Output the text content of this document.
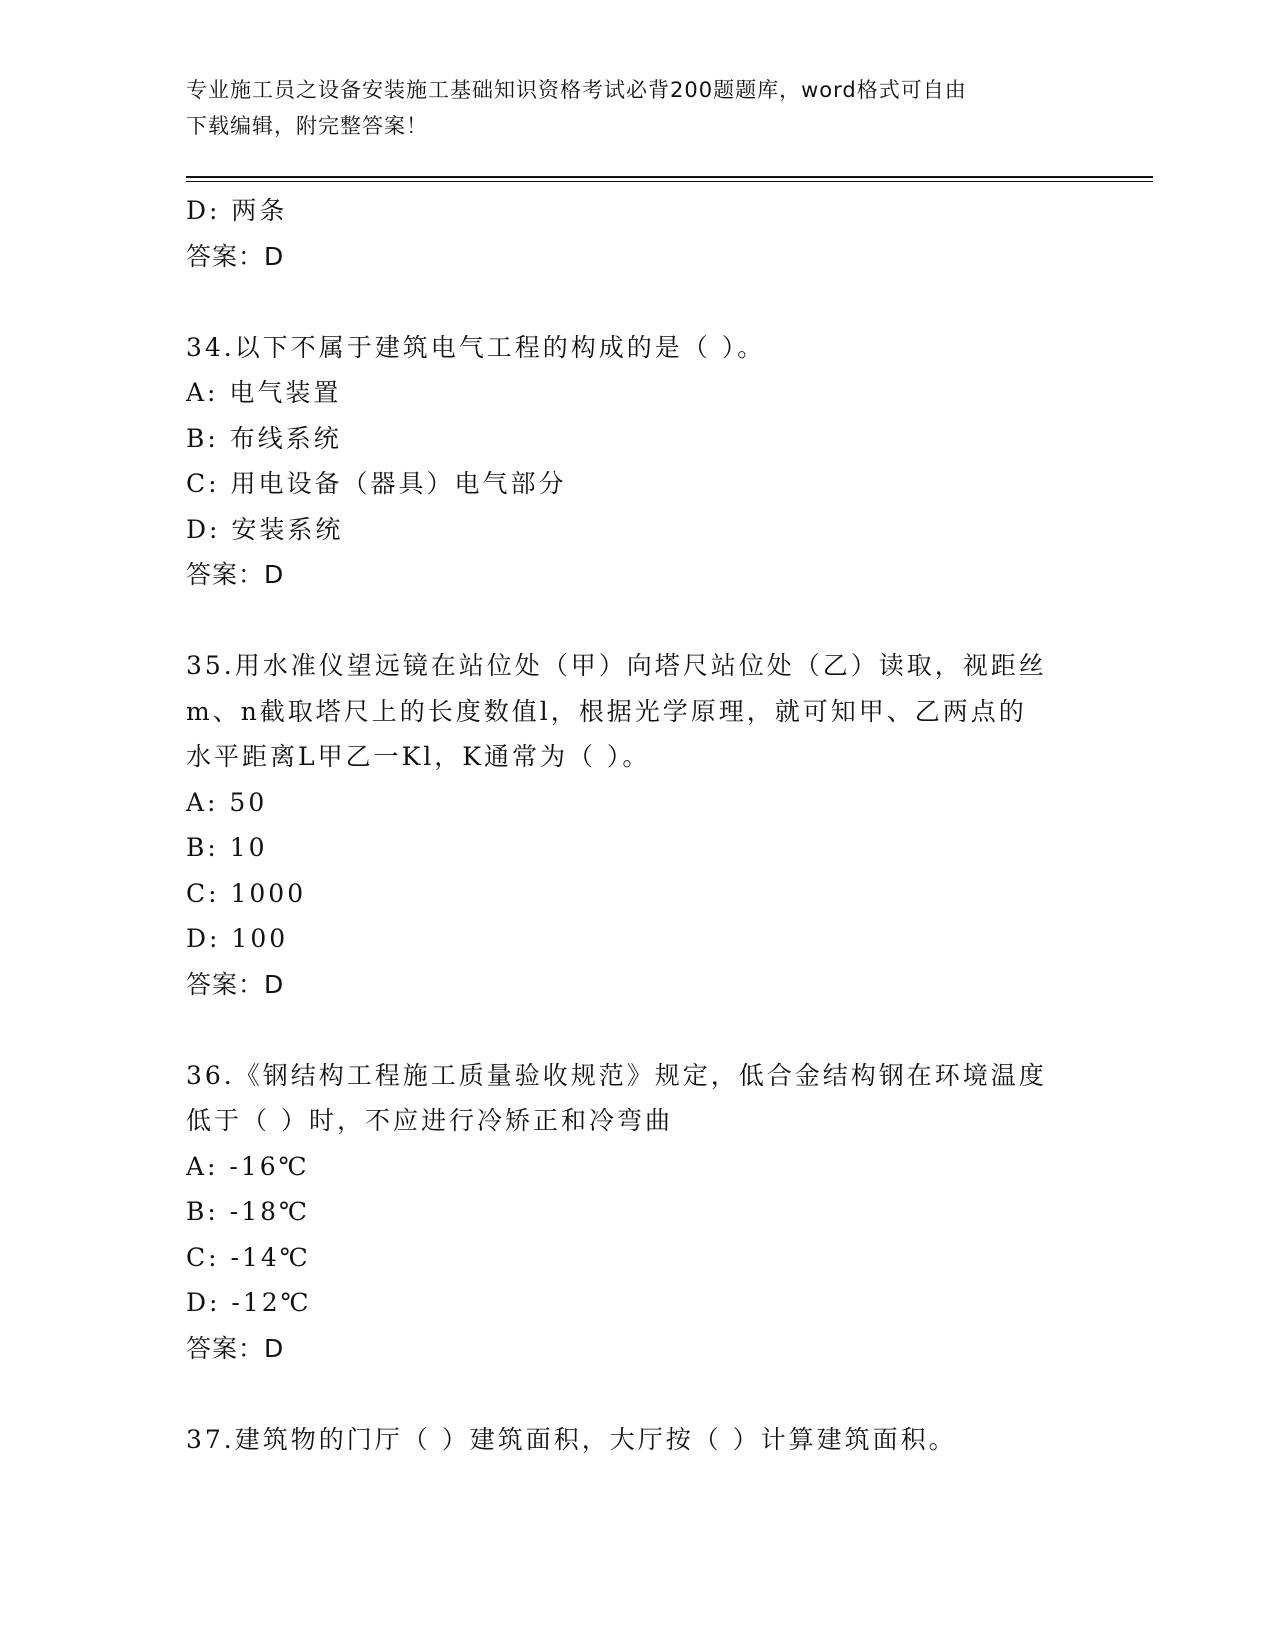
专业施工员之设备安装施工基础知识资格考试必背200题题库，word格式可自由
下载编辑，附完整答案！
D: 两条
答案：D
34.以下不属于建筑电气工程的构成的是（ ）。
A: 电气装置
B: 布线系统
C: 用电设备（器具）电气部分
D: 安装系统
答案：D
35.用水准仪望远镜在站位处（甲）向塔尺站位处（乙）读取，视距丝
m、n截取塔尺上的长度数值l，根据光学原理，就可知甲、乙两点的
水平距离L甲乙一Kl，K通常为（ ）。
A: 50
B: 10
C: 1000
D: 100
答案：D
36.《钢结构工程施工质量验收规范》规定，低合金结构钢在环境温度
低于（ ）时，不应进行冷矫正和冷弯曲
A: -16℃
B: -18℃
C: -14℃
D: -12℃
答案：D
37.建筑物的门厅（ ）建筑面积，大厅按（ ）计算建筑面积。
